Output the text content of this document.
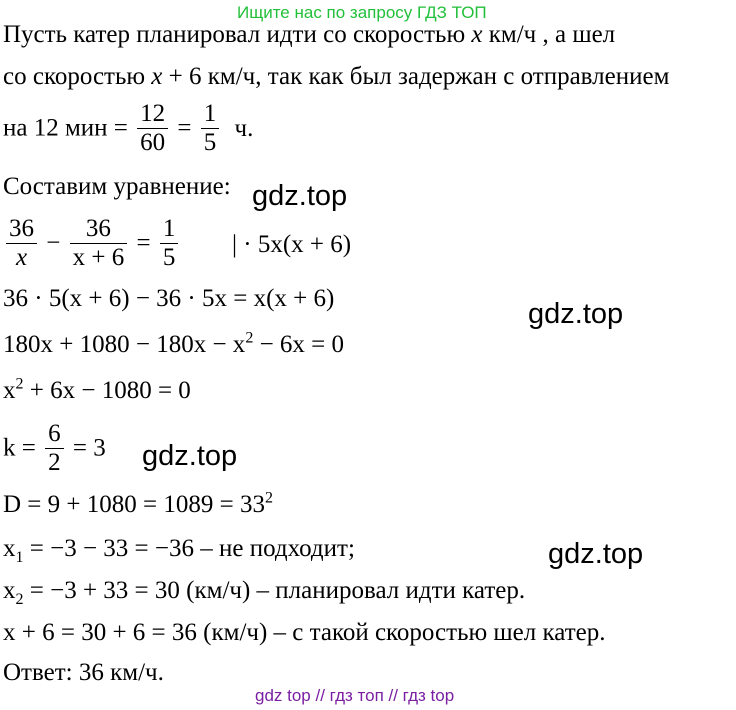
Ищите нас по запросу ГДЗ ТОП
Пусть катер планировал идти со скоростью x км/ч , а шел
со скоростью x + 6 км/ч, так как был задержан с отправлением
на 12 мин = $\frac{12}{60} = \frac{1}{5} ч$.
Составим уравнение: gdz.top
$\frac{36}{x} - \frac{36}{x + 6} = \frac{1}{5}$ | · 5x(x + 6)
36 · 5(x + 6) − 36 · 5x = x(x + 6)	gdz.top
$180x + 1080 - 180x - x^2 - 6x = 0$
$x^2 + 6x - 1080 = 0$
$k = \frac{6}{2} = 3$ gdz.top
$D = 9 + 1080 = 1089 = 33^2$
$x_1 = -3 - 33 = -36$ – не подходит;	gdz.top
$x_2 = -3 + 33 = 30$ (км/ч) – планировал идти катер.
x + 6 = 30 + 6 = 36 (км/ч) – с такой скоростью шел катер.
Ответ: 36 км/ч.
gdz top // гдз топ // гдз top
